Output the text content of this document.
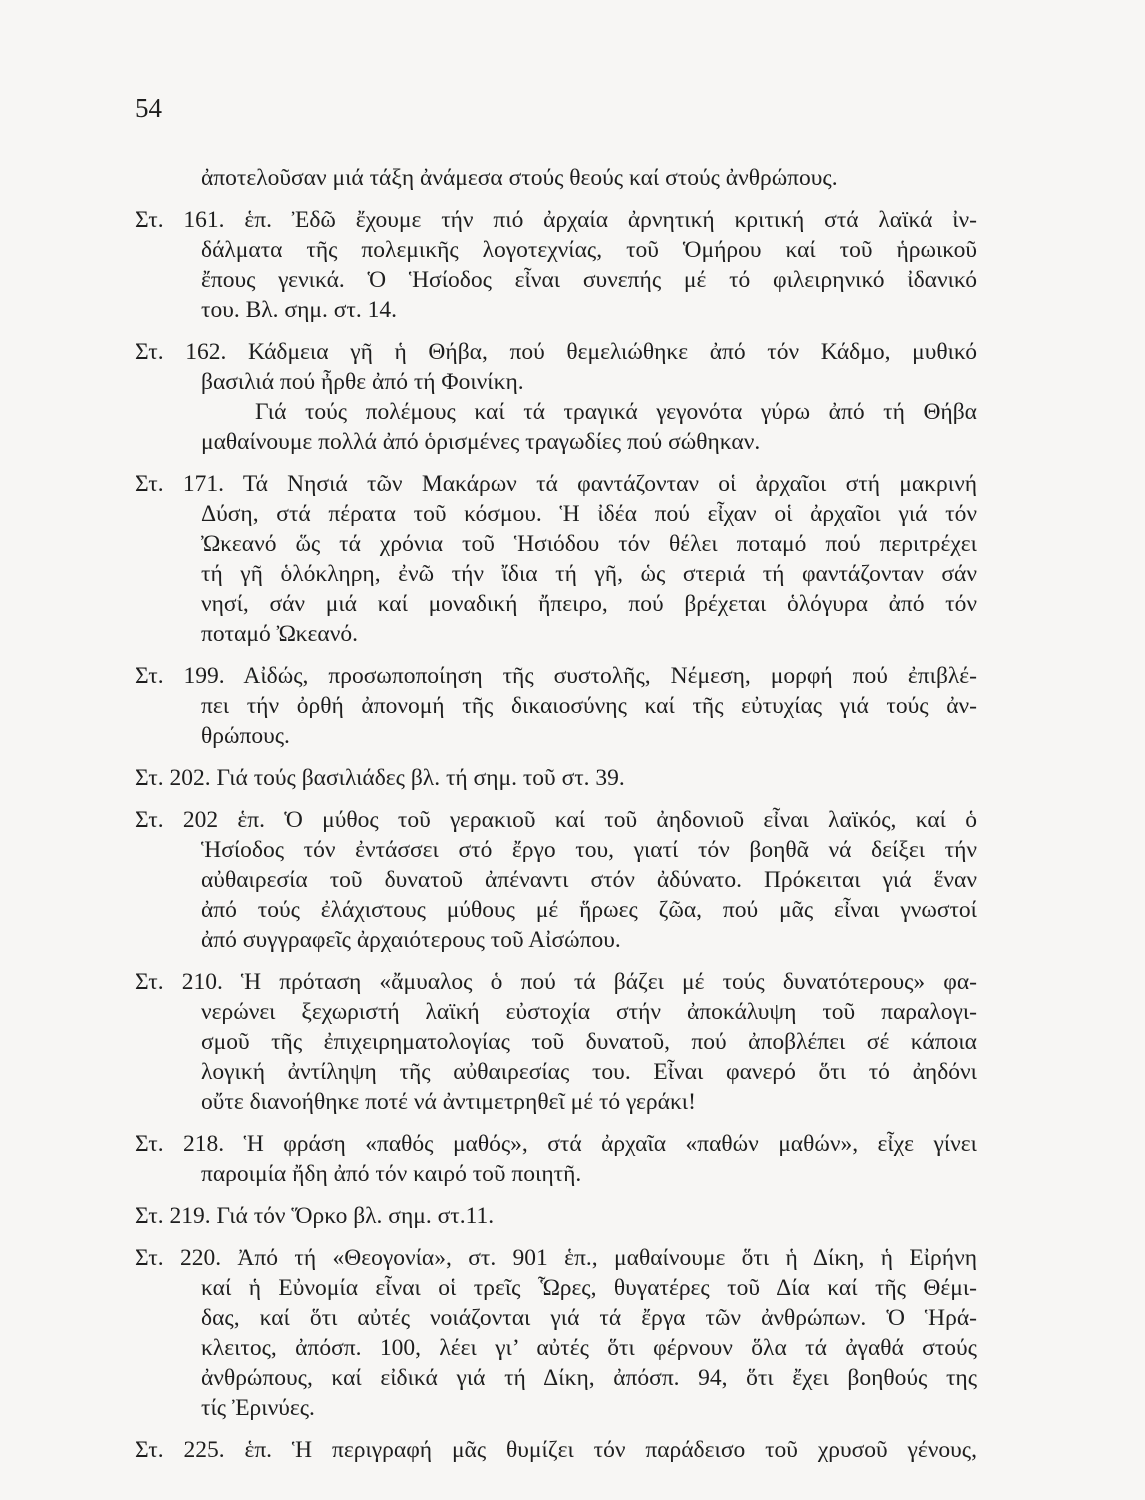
54
ἀποτελοῦσαν μιά τάξη ἀνάμεσα στούς θεούς καί στούς ἀνθρώπους.
Στ. 161. ἑπ. Ἐδῶ ἔχουμε τήν πιό ἀρχαία ἀρνητική κριτική στά λαϊκά ἰν-
δάλματα τῆς πολεμικῆς λογοτεχνίας, τοῦ Ὁμήρου καί τοῦ ἡρωικοῦ
ἔπους γενικά. Ὁ Ἡσίοδος εἶναι συνεπής μέ τό φιλειρηνικό ἰδανικό
του. Βλ. σημ. στ. 14.
Στ. 162. Κάδμεια γῆ ἡ Θήβα, πού θεμελιώθηκε ἀπό τόν Κάδμο, μυθικό
βασιλιά πού ἦρθε ἀπό τή Φοινίκη.
Γιά τούς πολέμους καί τά τραγικά γεγονότα γύρω ἀπό τή Θήβα
μαθαίνουμε πολλά ἀπό ὁρισμένες τραγωδίες πού σώθηκαν.
Στ. 171. Τά Νησιά τῶν Μακάρων τά φαντάζονταν οἱ ἀρχαῖοι στή μακρινή
Δύση, στά πέρατα τοῦ κόσμου. Ἡ ἰδέα πού εἶχαν οἱ ἀρχαῖοι γιά τόν
Ὠκεανό ὥς τά χρόνια τοῦ Ἡσιόδου τόν θέλει ποταμό πού περιτρέχει
τή γῆ ὁλόκληρη, ἐνῶ τήν ἴδια τή γῆ, ὡς στεριά τή φαντάζονταν σάν
νησί, σάν μιά καί μοναδική ἤπειρο, πού βρέχεται ὁλόγυρα ἀπό τόν
ποταμό Ὠκεανό.
Στ. 199. Αἰδώς, προσωποποίηση τῆς συστολῆς, Νέμεση, μορφή πού ἐπιβλέ-
πει τήν ὀρθή ἀπονομή τῆς δικαιοσύνης καί τῆς εὐτυχίας γιά τούς ἀν-
θρώπους.
Στ. 202. Γιά τούς βασιλιάδες βλ. τή σημ. τοῦ στ. 39.
Στ. 202 ἑπ. Ὁ μύθος τοῦ γερακιοῦ καί τοῦ ἀηδονιοῦ εἶναι λαϊκός, καί ὁ
Ἡσίοδος τόν ἐντάσσει στό ἔργο του, γιατί τόν βοηθᾶ νά δείξει τήν
αὐθαιρεσία τοῦ δυνατοῦ ἀπέναντι στόν ἀδύνατο. Πρόκειται γιά ἕναν
ἀπό τούς ἐλάχιστους μύθους μέ ἥρωες ζῶα, πού μᾶς εἶναι γνωστοί
ἀπό συγγραφεῖς ἀρχαιότερους τοῦ Αἰσώπου.
Στ. 210. Ἡ πρόταση «ἄμυαλος ὁ πού τά βάζει μέ τούς δυνατότερους» φα-
νερώνει ξεχωριστή λαϊκή εὐστοχία στήν ἀποκάλυψη τοῦ παραλογι-
σμοῦ τῆς ἐπιχειρηματολογίας τοῦ δυνατοῦ, πού ἀποβλέπει σέ κάποια
λογική ἀντίληψη τῆς αὐθαιρεσίας του. Εἶναι φανερό ὅτι τό ἀηδόνι
οὔτε διανοήθηκε ποτέ νά ἀντιμετρηθεῖ μέ τό γεράκι!
Στ. 218. Ἡ φράση «παθός μαθός», στά ἀρχαῖα «παθών μαθών», εἶχε γίνει
παροιμία ἤδη ἀπό τόν καιρό τοῦ ποιητῆ.
Στ. 219. Γιά τόν Ὅρκο βλ. σημ. στ.11.
Στ. 220. Ἀπό τή «Θεογονία», στ. 901 ἑπ., μαθαίνουμε ὅτι ἡ Δίκη, ἡ Εἰρήνη
καί ἡ Εὐνομία εἶναι οἱ τρεῖς Ὧρες, θυγατέρες τοῦ Δία καί τῆς Θέμι-
δας, καί ὅτι αὐτές νοιάζονται γιά τά ἔργα τῶν ἀνθρώπων. Ὁ Ἡρά-
κλειτος, ἀπόσπ. 100, λέει γι’ αὐτές ὅτι φέρνουν ὅλα τά ἀγαθά στούς
ἀνθρώπους, καί εἰδικά γιά τή Δίκη, ἀπόσπ. 94, ὅτι ἔχει βοηθούς της
τίς Ἐρινύες.
Στ. 225. ἑπ. Ἡ περιγραφή μᾶς θυμίζει τόν παράδεισο τοῦ χρυσοῦ γένους,
